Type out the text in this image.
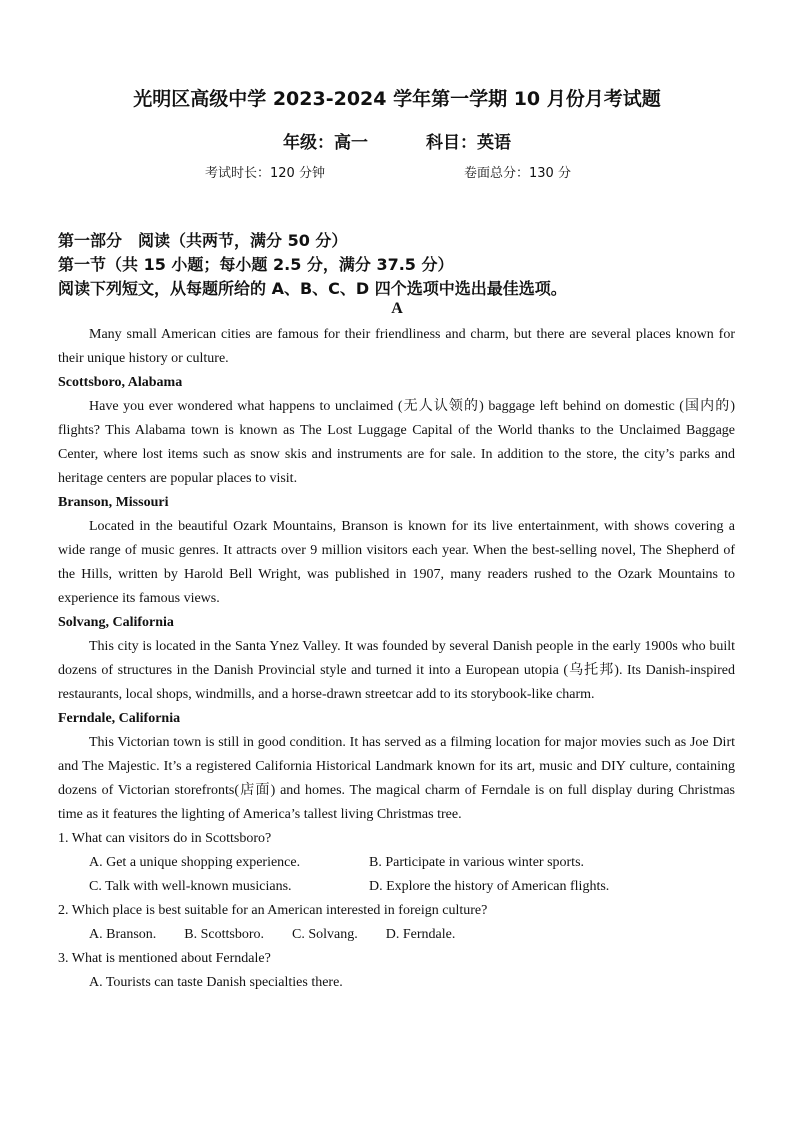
光明区高级中学 2023-2024 学年第一学期 10 月份月考试题
年级：高一	科目：英语
考试时长：120 分钟	卷面总分：130 分
第一部分　阅读（共两节，满分 50 分）
第一节（共 15 小题；每小题 2.5 分，满分 37.5 分）
阅读下列短文，从每题所给的 A、B、C、D 四个选项中选出最佳选项。
A

Many small American cities are famous for their friendliness and charm, but there are several places known for their unique history or culture.

Scottsboro, Alabama

Have you ever wondered what happens to unclaimed (无人认领的) baggage left behind on domestic (国内的) flights? This Alabama town is known as The Lost Luggage Capital of the World thanks to the Unclaimed Baggage Center, where lost items such as snow skis and instruments are for sale. In addition to the store, the city’s parks and heritage centers are popular places to visit.

Branson, Missouri

Located in the beautiful Ozark Mountains, Branson is known for its live entertainment, with shows covering a wide range of music genres. It attracts over 9 million visitors each year. When the best-selling novel, The Shepherd of the Hills, written by Harold Bell Wright, was published in 1907, many readers rushed to the Ozark Mountains to experience its famous views.

Solvang, California

This city is located in the Santa Ynez Valley. It was founded by several Danish people in the early 1900s who built dozens of structures in the Danish Provincial style and turned it into a European utopia (乌托邦). Its Danish-inspired restaurants, local shops, windmills, and a horse-drawn streetcar add to its storybook-like charm.

Ferndale, California

This Victorian town is still in good condition. It has served as a filming location for major movies such as Joe Dirt and The Majestic. It’s a registered California Historical Landmark known for its art, music and DIY culture, containing dozens of Victorian storefronts(店面) and homes. The magical charm of Ferndale is on full display during Christmas time as it features the lighting of America’s tallest living Christmas tree.

1. What can visitors do in Scottsboro?
A. Get a unique shopping experience.	B. Participate in various winter sports.
C. Talk with well-known musicians.	D. Explore the history of American flights.
2. Which place is best suitable for an American interested in foreign culture?
A. Branson. B. Scottsboro. C. Solvang. D. Ferndale.
3. What is mentioned about Ferndale?
A. Tourists can taste Danish specialties there.
